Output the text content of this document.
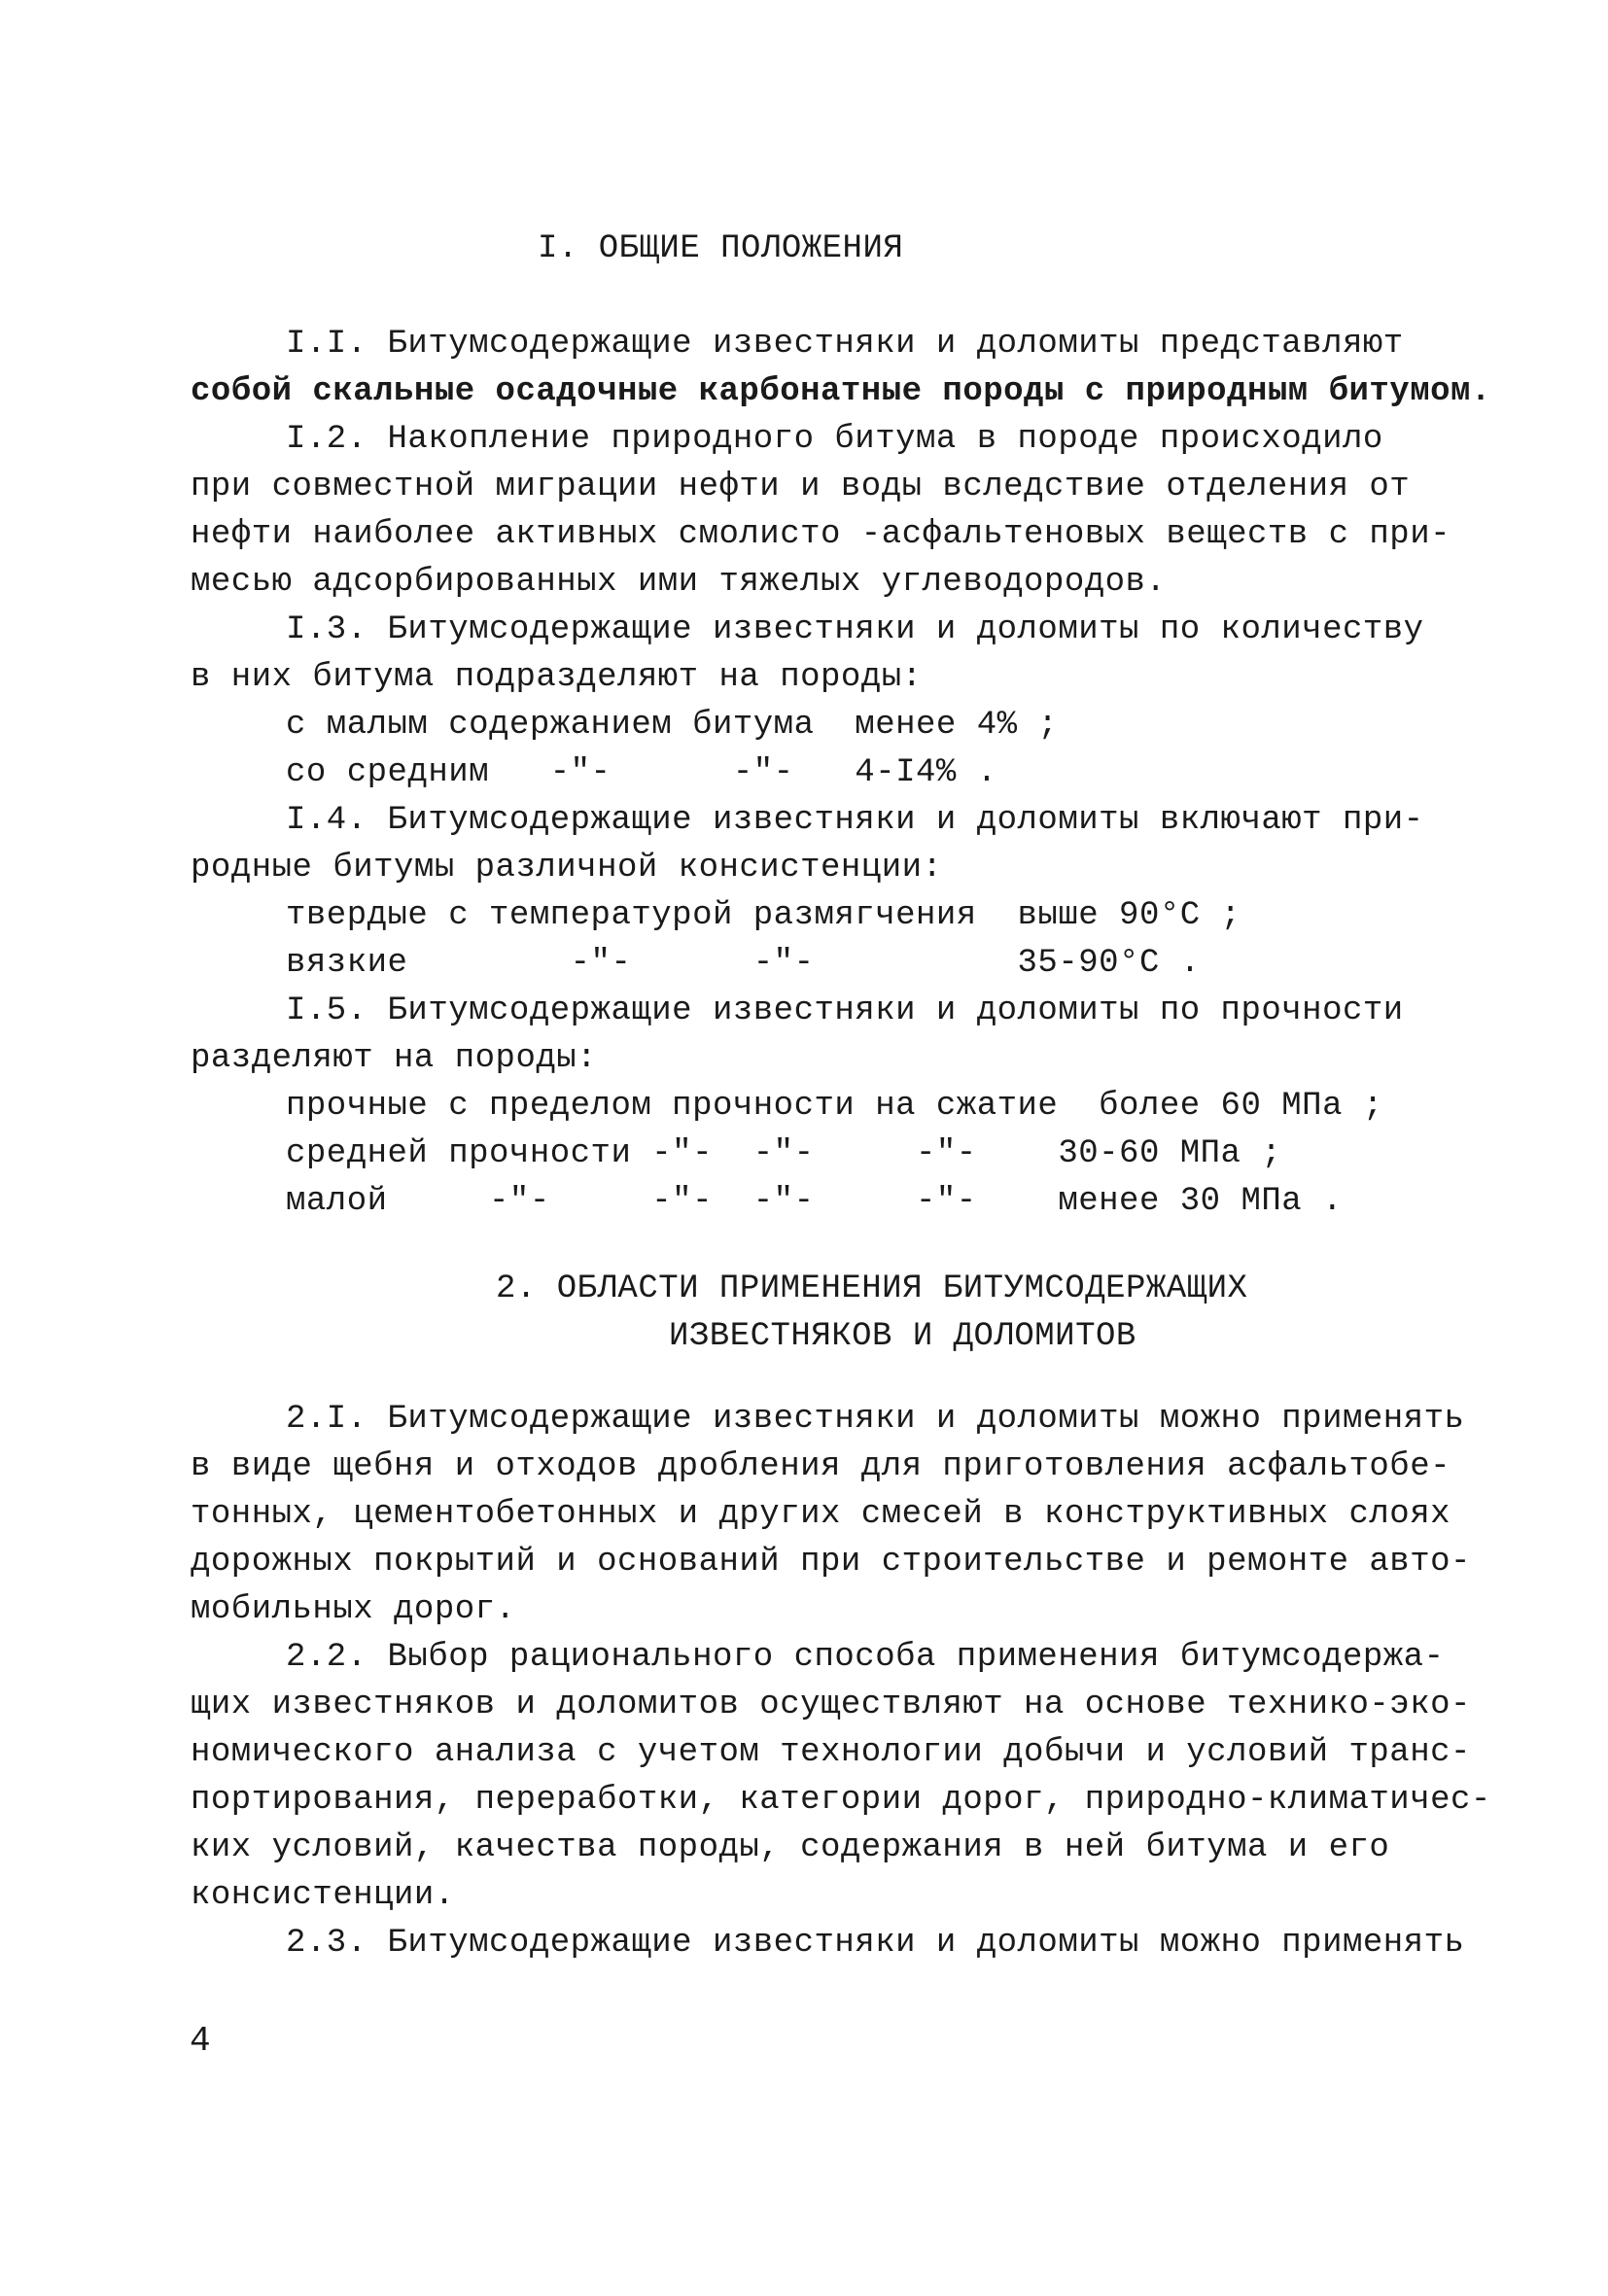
I. ОБЩИЕ ПОЛОЖЕНИЯ
I.I. Битумсодержащие известняки и доломиты представляют
собой скальные осадочные карбонатные породы с природным битумом.
I.2. Накопление природного битума в породе происходило
при совместной миграции нефти и воды вследствие отделения от
нефти наиболее активных смолисто -асфальтеновых веществ с при-
месью адсорбированных ими тяжелых углеводородов.
I.3. Битумсодержащие известняки и доломиты по количеству
в них битума подразделяют на породы:
с малым содержанием битума  менее 4% ;
со средним   -"-      -"-   4-I4% .
I.4. Битумсодержащие известняки и доломиты включают при-
родные битумы различной консистенции:
твердые с температурой размягчения  выше 90°C ;
вязкие        -"-      -"-          35-90°C .
I.5. Битумсодержащие известняки и доломиты по прочности
разделяют на породы:
прочные с пределом прочности на сжатие  более 60 МПа ;
средней прочности -"-  -"-     -"-    30-60 МПа ;
малой     -"-     -"-  -"-     -"-    менее 30 МПа .
2. ОБЛАСТИ ПРИМЕНЕНИЯ БИТУМСОДЕРЖАЩИХ
ИЗВЕСТНЯКОВ И ДОЛОМИТОВ
2.I. Битумсодержащие известняки и доломиты можно применять
в виде щебня и отходов дробления для приготовления асфальтобе-
тонных, цементобетонных и других смесей в конструктивных слоях
дорожных покрытий и оснований при строительстве и ремонте авто-
мобильных дорог.
2.2. Выбор рационального способа применения битумсодержа-
щих известняков и доломитов осуществляют на основе технико-эко-
номического анализа с учетом технологии добычи и условий транс-
портирования, переработки, категории дорог, природно-климатичес-
ких условий, качества породы, содержания в ней битума и его
консистенции.
2.3. Битумсодержащие известняки и доломиты можно применять
4
